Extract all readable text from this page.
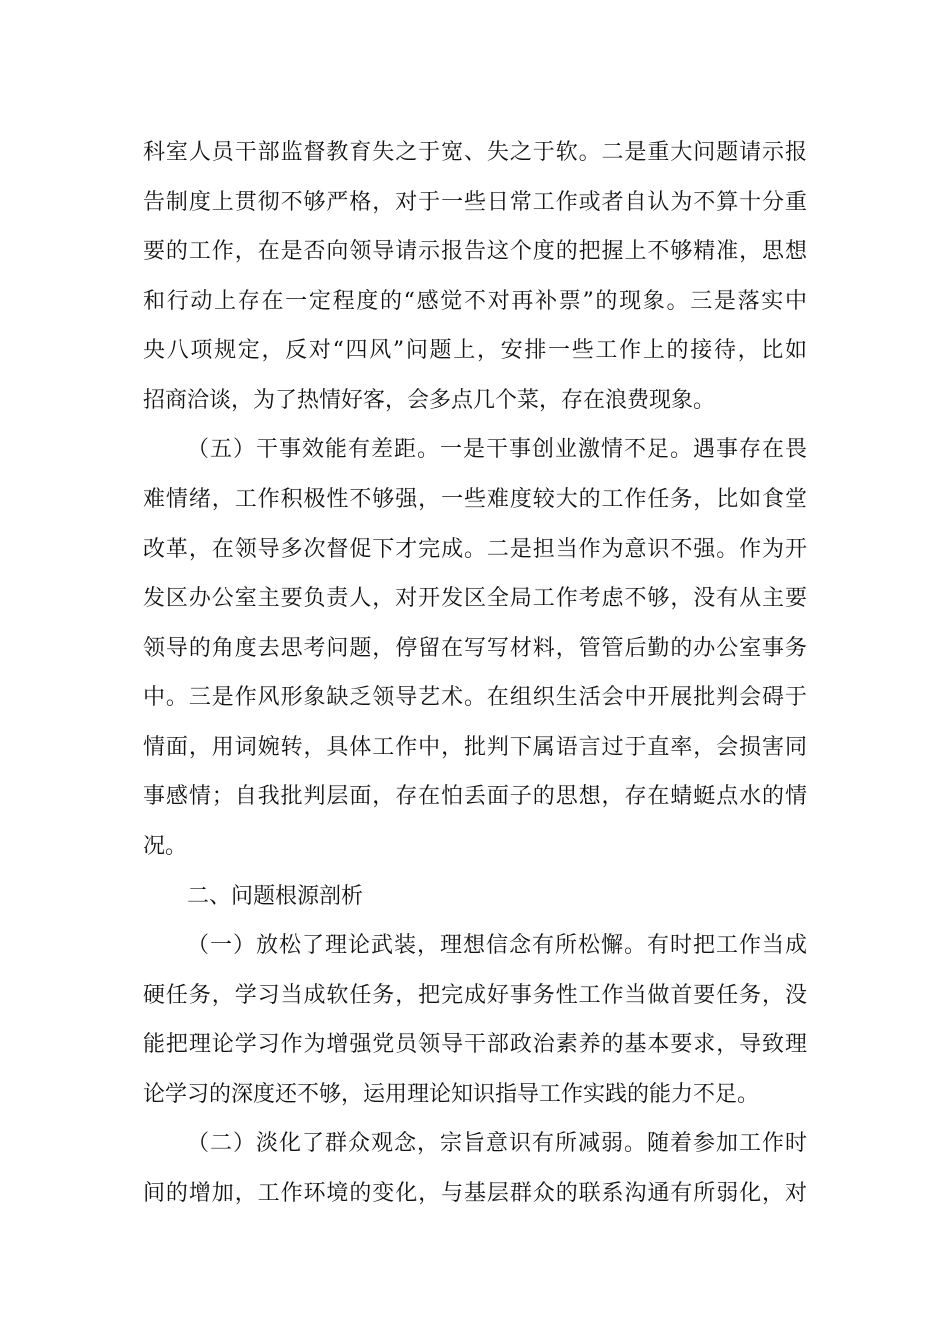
科室人员干部监督教育失之于宽、失之于软。二是重大问题请示报
告制度上贯彻不够严格，对于一些日常工作或者自认为不算十分重
要的工作，在是否向领导请示报告这个度的把握上不够精准，思想
和行动上存在一定程度的“感觉不对再补票”的现象。三是落实中
央八项规定，反对“四风”问题上，安排一些工作上的接待，比如
招商洽谈，为了热情好客，会多点几个菜，存在浪费现象。
（五）干事效能有差距。一是干事创业激情不足。遇事存在畏
难情绪，工作积极性不够强，一些难度较大的工作任务，比如食堂
改革，在领导多次督促下才完成。二是担当作为意识不强。作为开
发区办公室主要负责人，对开发区全局工作考虑不够，没有从主要
领导的角度去思考问题，停留在写写材料，管管后勤的办公室事务
中。三是作风形象缺乏领导艺术。在组织生活会中开展批判会碍于
情面，用词婉转，具体工作中，批判下属语言过于直率，会损害同
事感情；自我批判层面，存在怕丢面子的思想，存在蜻蜓点水的情
况。
二、问题根源剖析
（一）放松了理论武装，理想信念有所松懈。有时把工作当成
硬任务，学习当成软任务，把完成好事务性工作当做首要任务，没
能把理论学习作为增强党员领导干部政治素养的基本要求，导致理
论学习的深度还不够，运用理论知识指导工作实践的能力不足。
（二）淡化了群众观念，宗旨意识有所减弱。随着参加工作时
间的增加，工作环境的变化，与基层群众的联系沟通有所弱化，对
